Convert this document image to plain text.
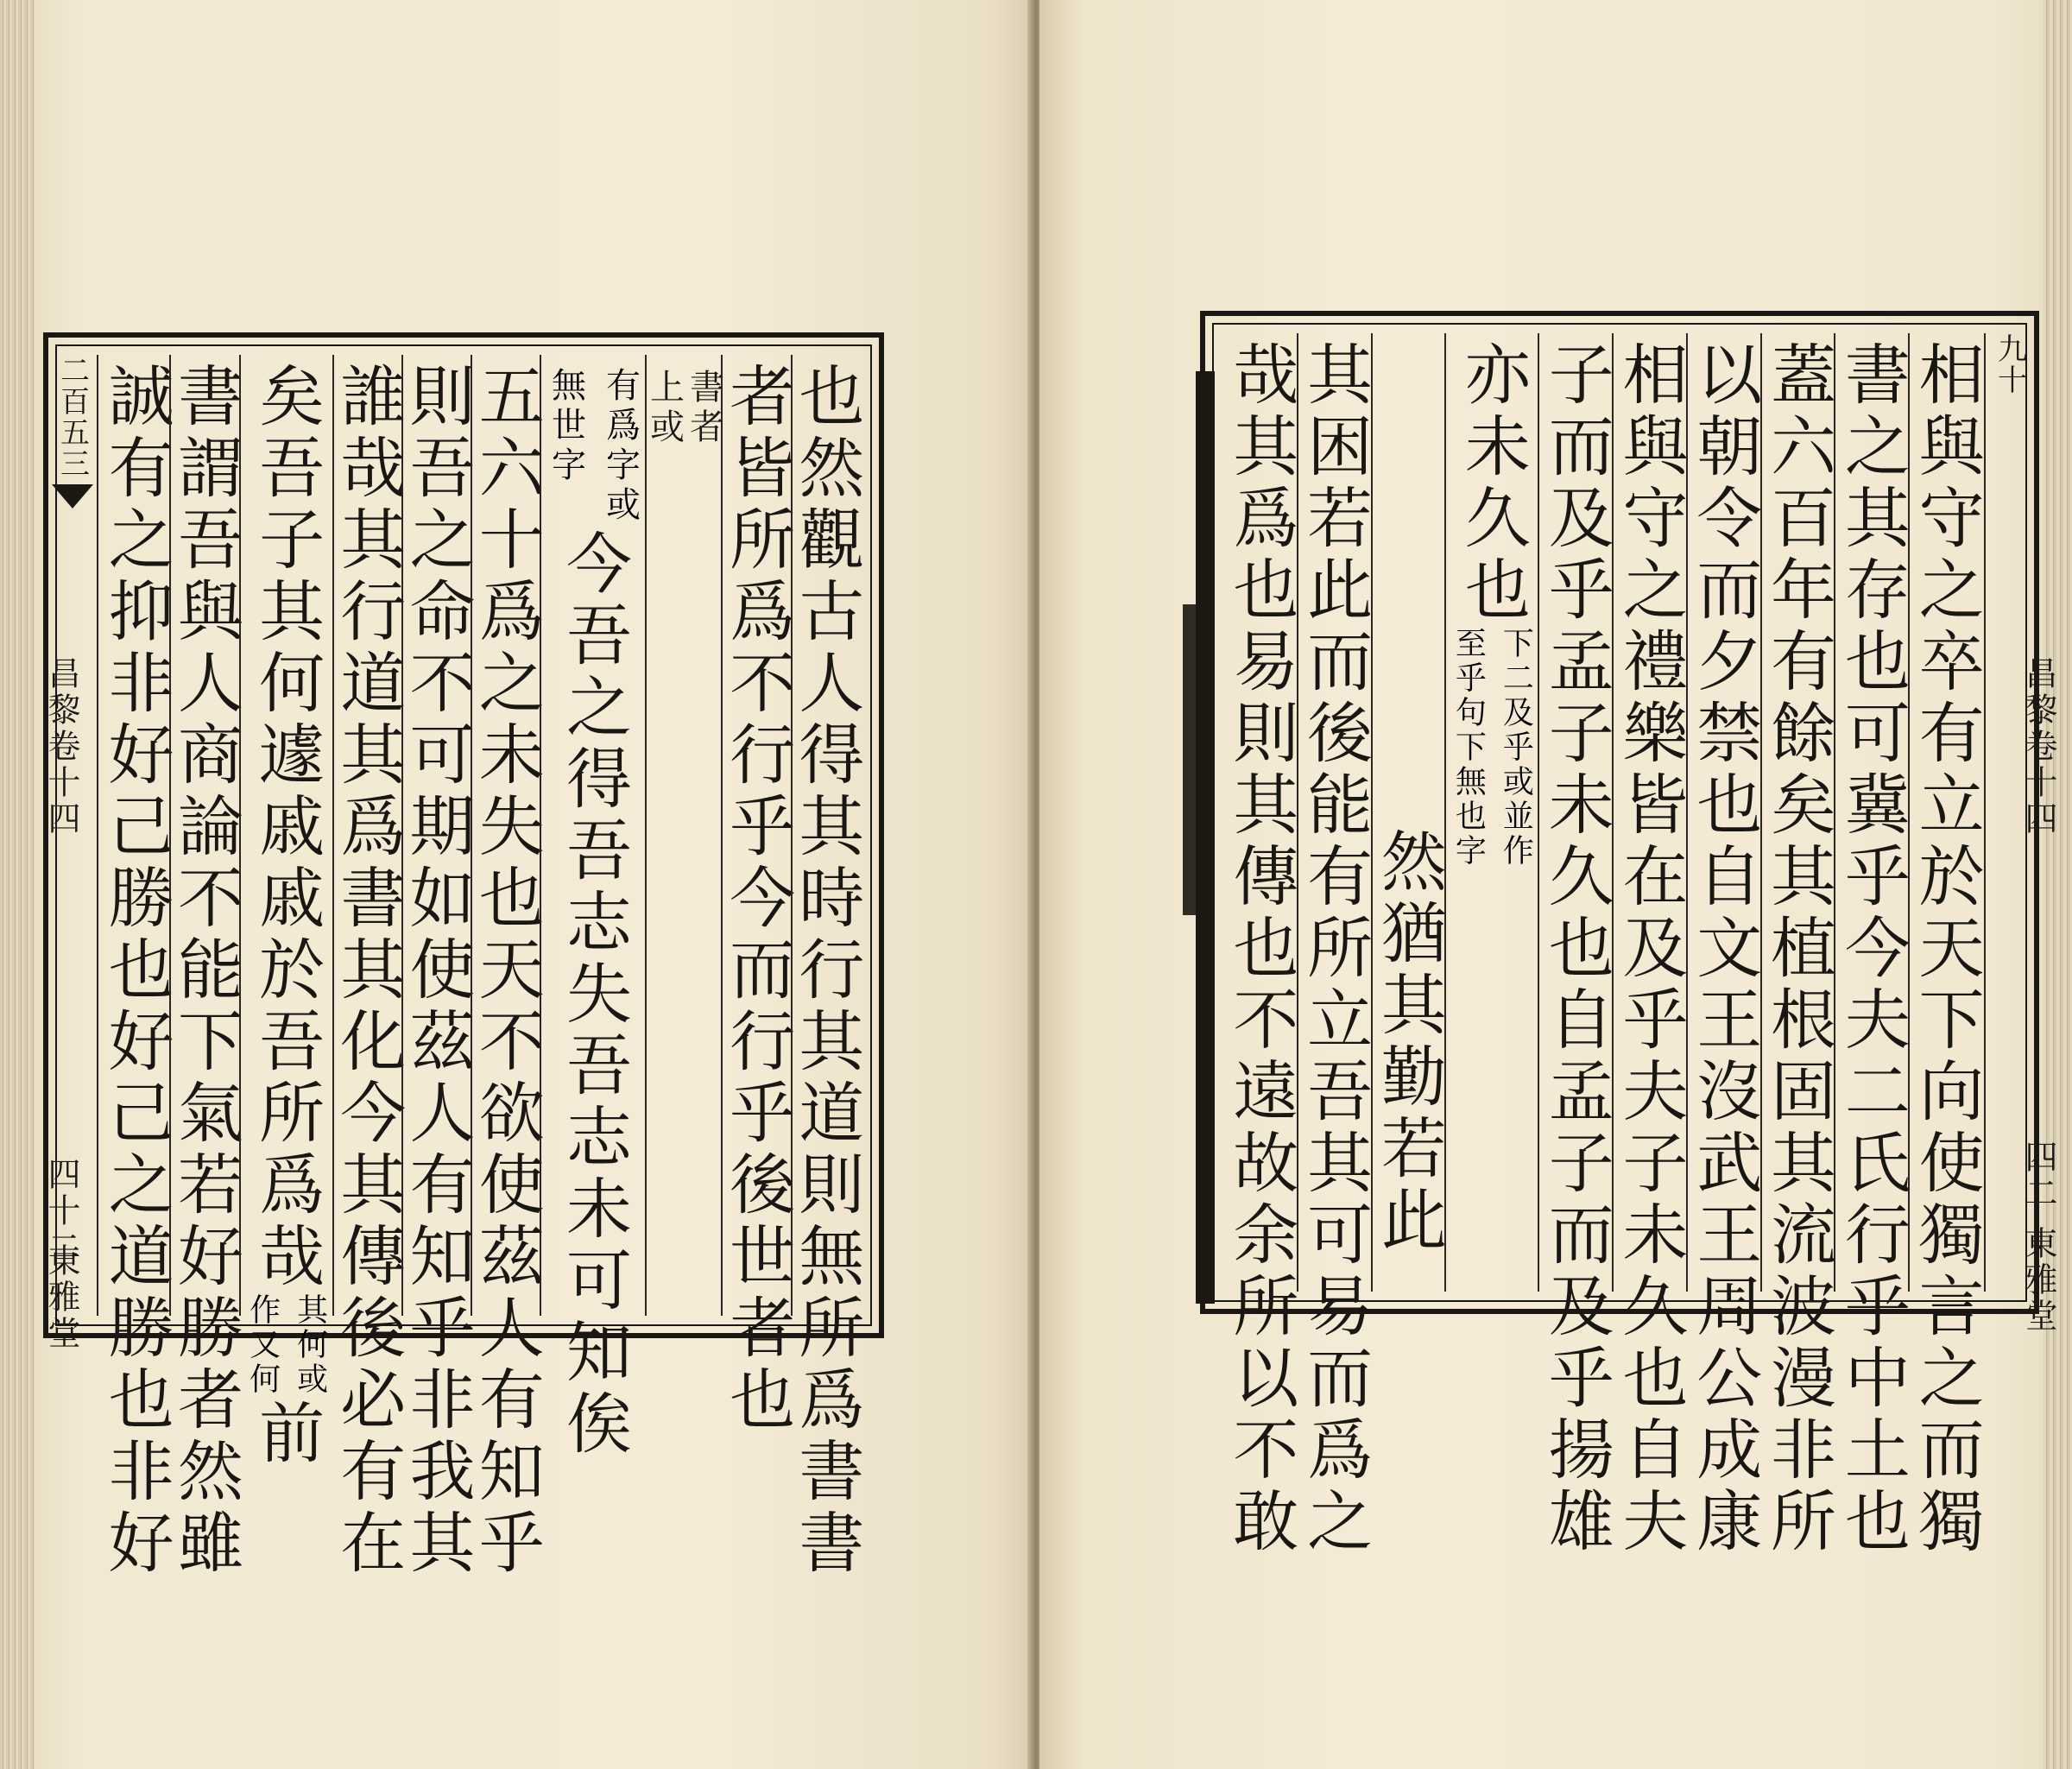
昌黎卷十四
四十二
東雅堂
二百五三	也然觀古人得其時行其道則無所爲書書
者皆所爲不行乎今而行乎後世者也
書者
上或
有爲字或
無世字
今吾之得吾志失吾志未可知俟
五六十爲之未失也天不欲使茲人有知乎
則吾之命不可期如使茲人有知乎非我其
誰哉其行道其爲書其化今其傳後必有在
矣吾子其何遽戚戚於吾所爲哉
其何或
作又何
前
書謂吾與人商論不能下氣若好勝者然雖
誠有之抑非好己勝也好己之道勝也非好	昌黎卷十四
四二
東雅堂
九十
相與守之卒有立於天下向使獨言之而獨
書之其存也可冀乎今夫二氏行乎中土也
蓋六百年有餘矣其植根固其流波漫非所
以朝令而夕禁也自文王沒武王周公成康
相與守之禮樂皆在及乎夫子未久也自夫
子而及乎孟子未久也自孟子而及乎揚雄
亦未久也
下二及乎或並作
至乎句下無也字
然猶其勤若此
其困若此而後能有所立吾其可易而爲之
哉其爲也易則其傳也不遠故余所以不敢
